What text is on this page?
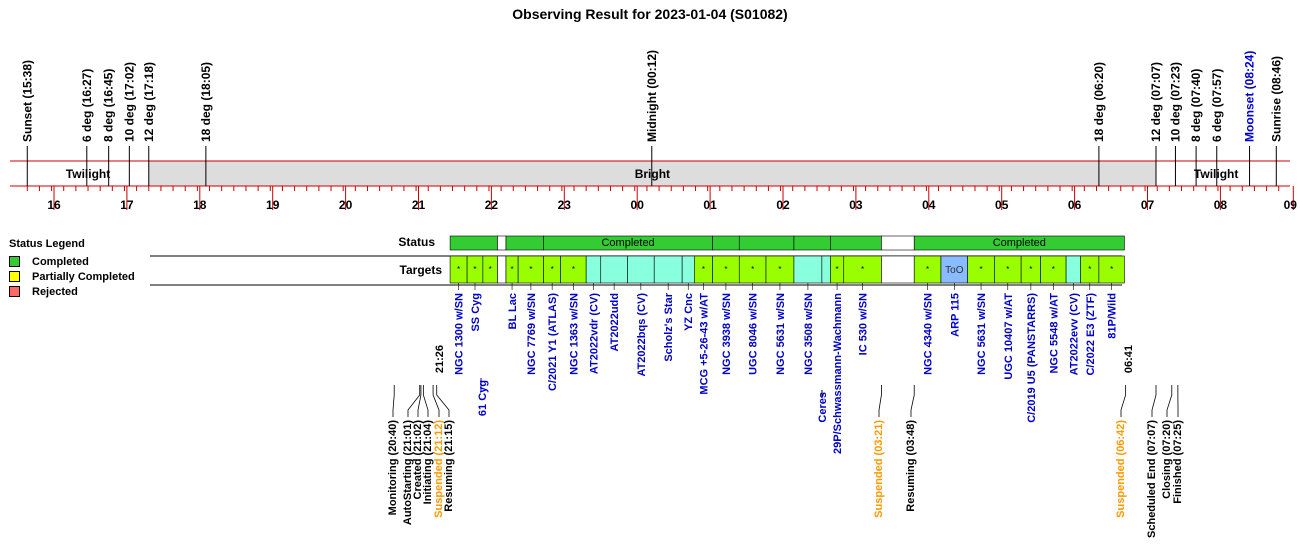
Observing Result for 2023-01-04 (S01082)
Twilight	Bright	Twilight
Sunset (15:38)	6 deg (16:27) 8 deg (16:45) 10 deg (17:02) 12 deg (17:18)	18 deg (18:05)	Midnight (00:12)	18 deg (06:20)	12 deg (07:07) 10 deg (07:23) 8 deg (07:40) 6 deg (07:57) Moonset (08:24) Sunrise (08:46)
16	17	18	19	20	21	22	23	00	01	02	03	04	05	06	07	08	09
Status
Targets
Completed	Completed
*
NGC 1300 w/SN
*
SS Cyg
* *
BL Lac
*
NGC 7769 w/SN
*
C/2021 Y1 (ATLAS)
*
NGC 1363 w/SN AT2022vdr (CV) AT2022udd AT2022bqs (CV) Scholz's Star YZ Cnc
*
MCG +5-26-43 w/AT
*
NGC 3938 w/SN
*
UGC 8046 w/SN
*
NGC 5631 w/SN NGC 3508 w/SN
*
29P/Schwassmann-Wachmann
*
IC 530 w/SN
*
NGC 4340 w/SN
ToO
ARP 115
*
NGC 5631 w/SN
*
UGC 10407 w/AT
*
C/2019 U5 (PANSTARRS)
*
NGC 5548 w/AT AT2022evv (CV)
*
C/2022 E3 (ZTF)
*
81P/Wild
21:26
61 Cyg	Ceres
06:41
Monitoring (20:40) AutoStarting (21:01)
Created (21:02)
Initiating (21:04) Suspended (21:12)
Resuming (21:15)	Suspended (03:21) Resuming (03:48)	Suspended (06:42) Scheduled End (07:07) Closing (07:20) Finished (07:25)
Status Legend
Completed
Partially Completed
Rejected
